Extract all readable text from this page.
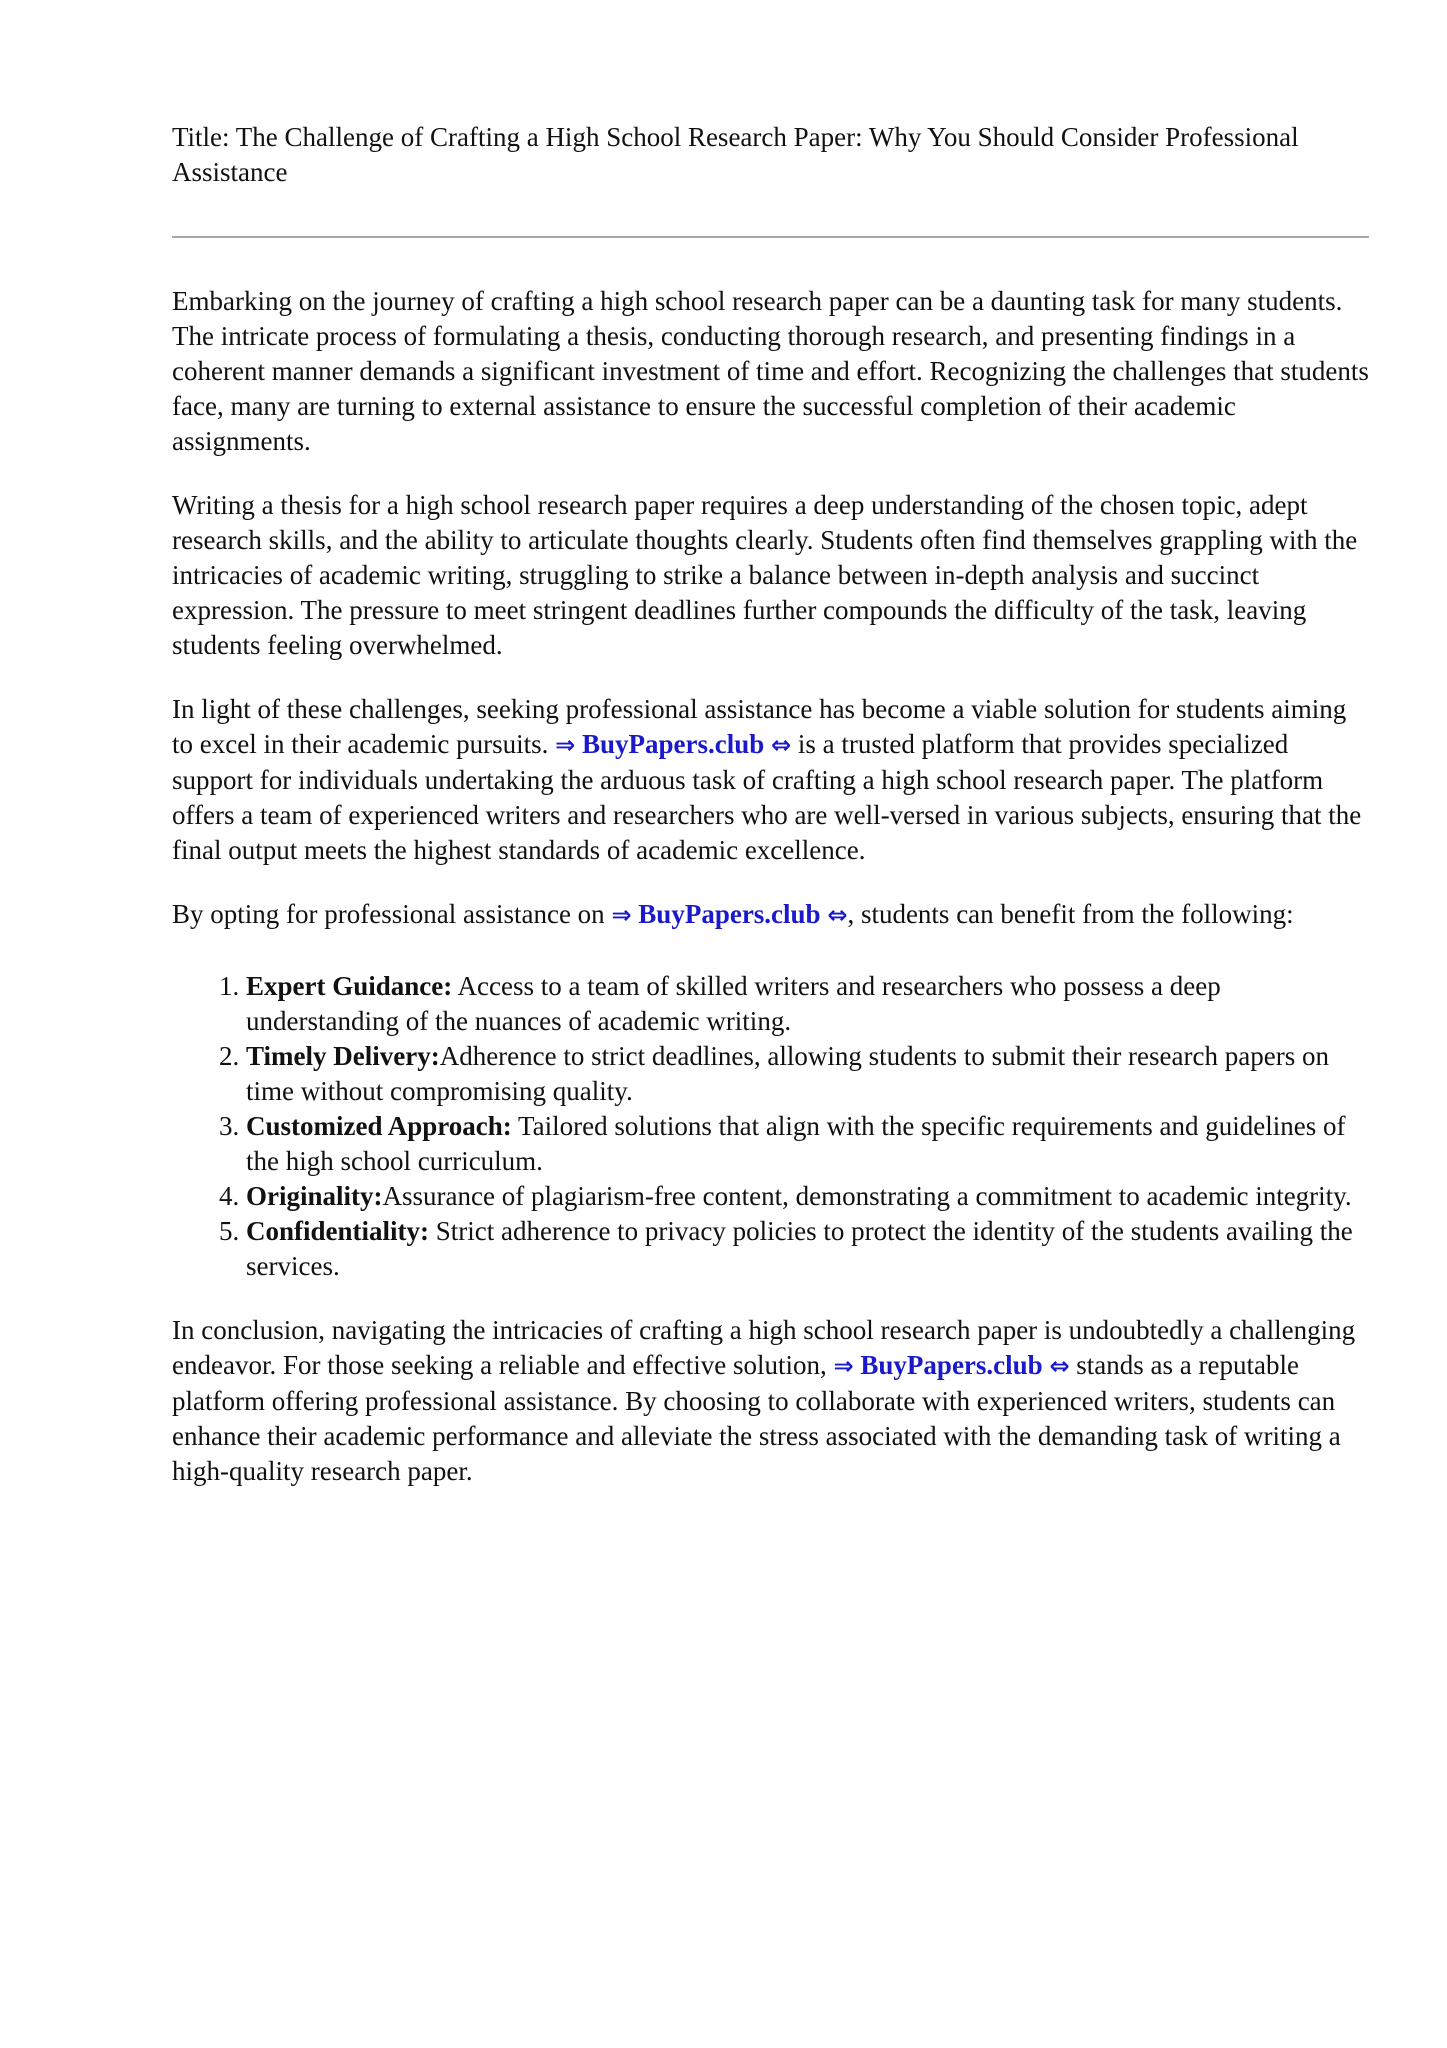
Title: The Challenge of Crafting a High School Research Paper: Why You Should Consider Professional Assistance

Embarking on the journey of crafting a high school research paper can be a daunting task for many students. The intricate process of formulating a thesis, conducting thorough research, and presenting findings in a coherent manner demands a significant investment of time and effort. Recognizing the challenges that students face, many are turning to external assistance to ensure the successful completion of their academic assignments.

Writing a thesis for a high school research paper requires a deep understanding of the chosen topic, adept research skills, and the ability to articulate thoughts clearly. Students often find themselves grappling with the intricacies of academic writing, struggling to strike a balance between in-depth analysis and succinct expression. The pressure to meet stringent deadlines further compounds the difficulty of the task, leaving students feeling overwhelmed.

In light of these challenges, seeking professional assistance has become a viable solution for students aiming to excel in their academic pursuits. ⇒ BuyPapers.club ⇔ is a trusted platform that provides specialized support for individuals undertaking the arduous task of crafting a high school research paper. The platform offers a team of experienced writers and researchers who are well-versed in various subjects, ensuring that the final output meets the highest standards of academic excellence.

By opting for professional assistance on ⇒ BuyPapers.club ⇔, students can benefit from the following:

1. Expert Guidance: Access to a team of skilled writers and researchers who possess a deep understanding of the nuances of academic writing.
2. Timely Delivery:Adherence to strict deadlines, allowing students to submit their research papers on time without compromising quality.
3. Customized Approach: Tailored solutions that align with the specific requirements and guidelines of the high school curriculum.
4. Originality:Assurance of plagiarism-free content, demonstrating a commitment to academic integrity.
5. Confidentiality: Strict adherence to privacy policies to protect the identity of the students availing the services.

In conclusion, navigating the intricacies of crafting a high school research paper is undoubtedly a challenging endeavor. For those seeking a reliable and effective solution, ⇒ BuyPapers.club ⇔ stands as a reputable platform offering professional assistance. By choosing to collaborate with experienced writers, students can enhance their academic performance and alleviate the stress associated with the demanding task of writing a high-quality research paper.
